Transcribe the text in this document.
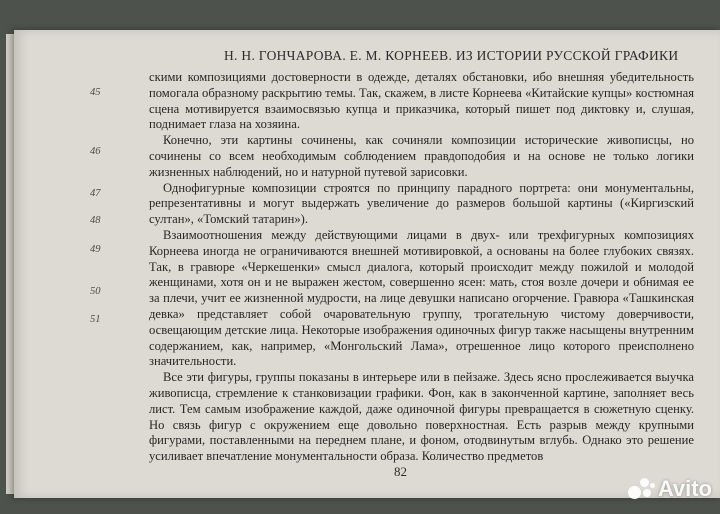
Н. Н. ГОНЧАРОВА. Е. М. КОРНЕЕВ. ИЗ ИСТОРИИ РУССКОЙ ГРАФИКИ
45
46
47
48
49
50
51

скими композициями достоверности в одежде, деталях обстановки, ибо внешняя убедительность помогала образному раскрытию темы. Так, скажем, в листе Корнеева «Китайские купцы» костюмная сцена мотивируется взаимосвязью купца и приказчика, который пишет под диктовку и, слушая, поднимает глаза на хозяина.

Конечно, эти картины сочинены, как сочиняли композиции исторические живописцы, но сочинены со всем необходимым соблюдением правдоподобия и на основе не только логики жизненных наблюдений, но и натурной путевой зарисовки.

Однофигурные композиции строятся по принципу парадного портрета: они монументальны, репрезентативны и могут выдержать увеличение до размеров большой картины («Киргизский султан», «Томский татарин»).

Взаимоотношения между действующими лицами в двух- или трехфигурных композициях Корнеева иногда не ограничиваются внешней мотивировкой, а основаны на более глубоких связях. Так, в гравюре «Черкешенки» смысл диалога, который происходит между пожилой и молодой женщинами, хотя он и не выражен жестом, совершенно ясен: мать, стоя возле дочери и обнимая ее за плечи, учит ее жизненной мудрости, на лице девушки написано огорчение. Гравюра «Ташкинская девка» представляет собой очаровательную группу, трогательную чистому доверчивости, освещающим детские лица. Некоторые изображения одиночных фигур также насыщены внутренним содержанием, как, например, «Монгольский Лама», отрешенное лицо которого преисполнено значительности.

Все эти фигуры, группы показаны в интерьере или в пейзаже. Здесь ясно прослеживается выучка живописца, стремление к станковизации графики. Фон, как в законченной картине, заполняет весь лист. Тем самым изображение каждой, даже одиночной фигуры превращается в сюжетную сценку. Но связь фигур с окружением еще довольно поверхностная. Есть разрыв между крупными фигурами, поставленными на переднем плане, и фоном, отодвинутым вглубь. Однако это решение усиливает впечатление монументальности образа. Количество предметов

82
Avito
